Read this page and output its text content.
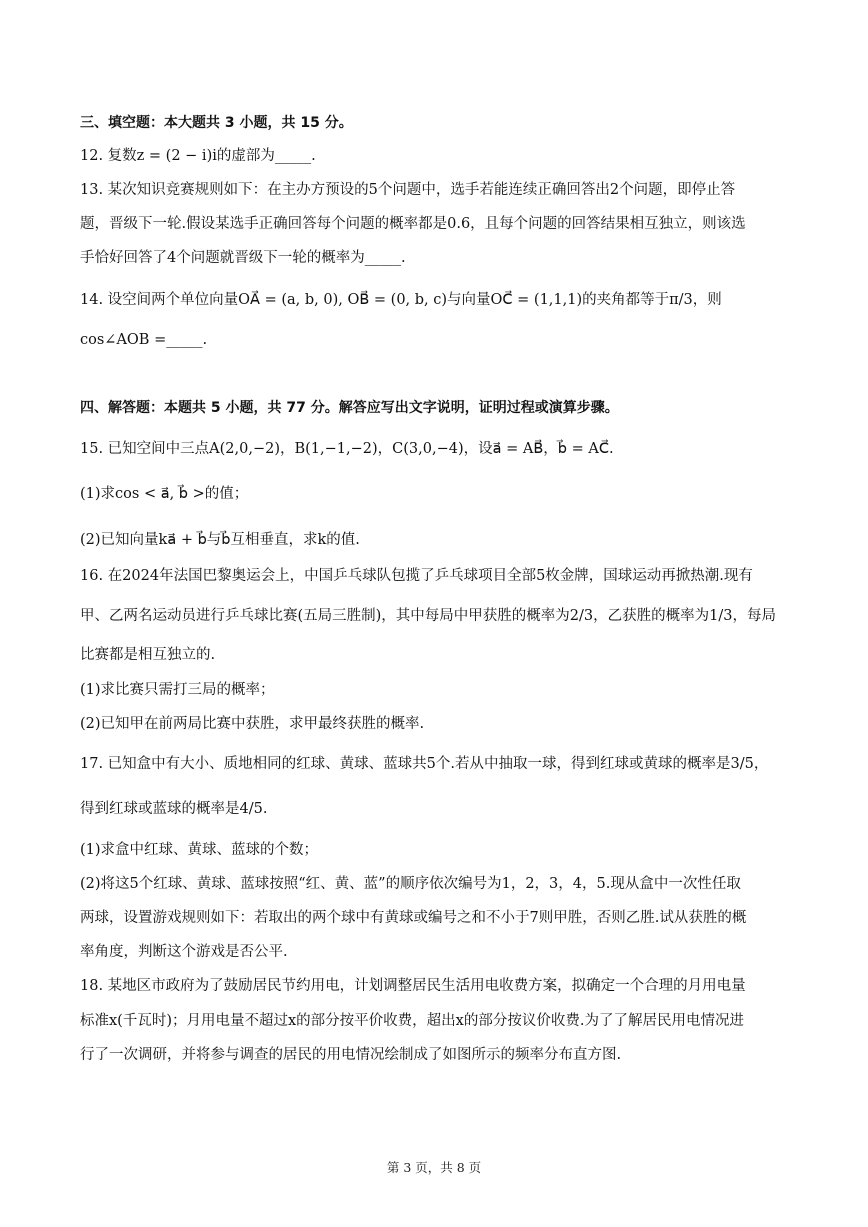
三、填空题：本大题共 3 小题，共 15 分。
12. 复数z = (2 − i)i的虚部为_____.
13. 某次知识竞赛规则如下：在主办方预设的5个问题中，选手若能连续正确回答出2个问题，即停止答
题，晋级下一轮.假设某选手正确回答每个问题的概率都是0.6，且每个问题的回答结果相互独立，则该选
手恰好回答了4个问题就晋级下一轮的概率为_____.
14. 设空间两个单位向量OA⃗ = (a, b, 0), OB⃗ = (0, b, c)与向量OC⃗ = (1,1,1)的夹角都等于π/3，则
cos∠AOB =_____.
四、解答题：本题共 5 小题，共 77 分。解答应写出文字说明，证明过程或演算步骤。
15. 已知空间中三点A(2,0,−2)，B(1,−1,−2)，C(3,0,−4)，设a⃗ = AB⃗，b⃗ = AC⃗.
(1)求cos < a⃗, b⃗ >的值；
(2)已知向量ka⃗ + b⃗与b⃗互相垂直，求k的值.
16. 在2024年法国巴黎奥运会上，中国乒乓球队包揽了乒乓球项目全部5枚金牌，国球运动再掀热潮.现有
甲、乙两名运动员进行乒乓球比赛(五局三胜制)，其中每局中甲获胜的概率为2/3，乙获胜的概率为1/3，每局
比赛都是相互独立的.
(1)求比赛只需打三局的概率；
(2)已知甲在前两局比赛中获胜，求甲最终获胜的概率.
17. 已知盒中有大小、质地相同的红球、黄球、蓝球共5个.若从中抽取一球，得到红球或黄球的概率是3/5，
得到红球或蓝球的概率是4/5.
(1)求盒中红球、黄球、蓝球的个数；
(2)将这5个红球、黄球、蓝球按照“红、黄、蓝”的顺序依次编号为1，2，3，4，5.现从盒中一次性任取
两球，设置游戏规则如下：若取出的两个球中有黄球或编号之和不小于7则甲胜，否则乙胜.试从获胜的概
率角度，判断这个游戏是否公平.
18. 某地区市政府为了鼓励居民节约用电，计划调整居民生活用电收费方案，拟确定一个合理的月用电量
标准x(千瓦时)；月用电量不超过x的部分按平价收费，超出x的部分按议价收费.为了了解居民用电情况进
行了一次调研，并将参与调查的居民的用电情况绘制成了如图所示的频率分布直方图.
第 3 页，共 8 页
